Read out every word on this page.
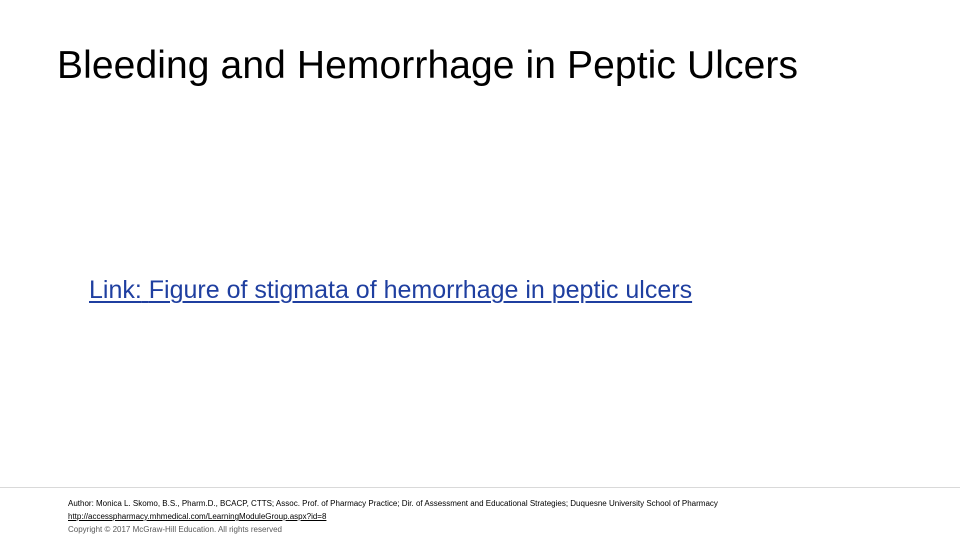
Bleeding and Hemorrhage in Peptic Ulcers
Link: Figure of stigmata of hemorrhage in peptic ulcers
Author: Monica L. Skomo, B.S., Pharm.D., BCACP, CTTS; Assoc. Prof. of Pharmacy Practice; Dir. of Assessment and Educational Strategies; Duquesne University School of Pharmacy
http://accesspharmacy.mhmedical.com/LearningModuleGroup.aspx?id=8
Copyright © 2017 McGraw-Hill Education. All rights reserved
